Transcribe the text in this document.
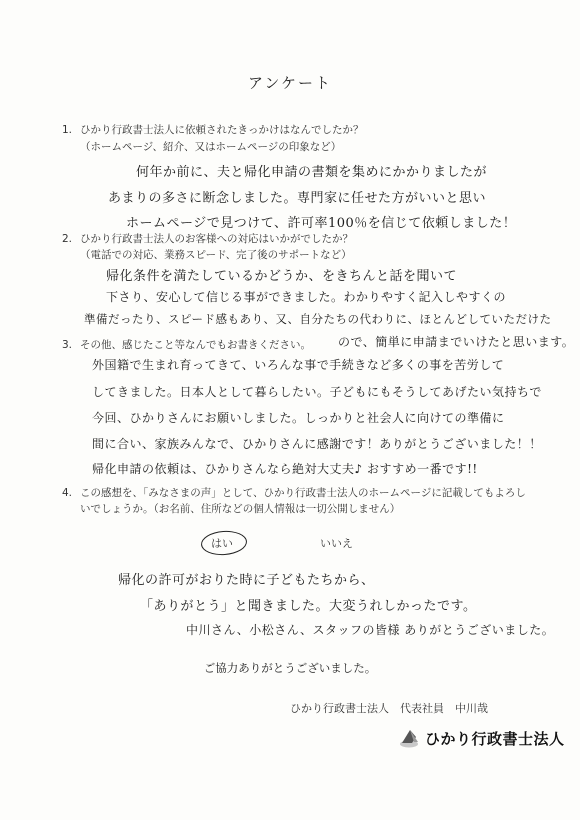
アンケート
1. ひかり行政書士法人に依頼されたきっかけはなんでしたか？
（ホームページ、紹介、又はホームページの印象など）
何年か前に、夫と帰化申請の書類を集めにかかりましたが
あまりの多さに断念しました。専門家に任せた方がいいと思い
ホームページで見つけて、許可率100％を信じて依頼しました！
2. ひかり行政書士法人のお客様への対応はいかがでしたか？
（電話での対応、業務スピード、完了後のサポートなど）
帰化条件を満たしているかどうか、をきちんと話を聞いて
下さり、安心して信じる事ができました。わかりやすく記入しやすくの
準備だったり、スピード感もあり、又、自分たちの代わりに、ほとんどしていただけた
ので、簡単に申請までいけたと思います。
3. その他、感じたこと等なんでもお書きください。
外国籍で生まれ育ってきて、いろんな事で手続きなど多くの事を苦労して
してきました。日本人として暮らしたい。子どもにもそうしてあげたい気持ちで
今回、ひかりさんにお願いしました。しっかりと社会人に向けての準備に
間に合い、家族みんなで、ひかりさんに感謝です！ありがとうございました！！
帰化申請の依頼は、ひかりさんなら絶対大丈夫♪ おすすめ一番です!!
4. この感想を、「みなさまの声」として、ひかり行政書士法人のホームページに記載してもよろし
いでしょうか。（お名前、住所などの個人情報は一切公開しません）
はい	いいえ
帰化の許可がおりた時に子どもたちから、
「ありがとう」と聞きました。大変うれしかったです。
中川さん、小松さん、スタッフの皆様 ありがとうございました。
ご協力ありがとうございました。
ひかり行政書士法人　代表社員　中川哉
ひかり行政書士法人
